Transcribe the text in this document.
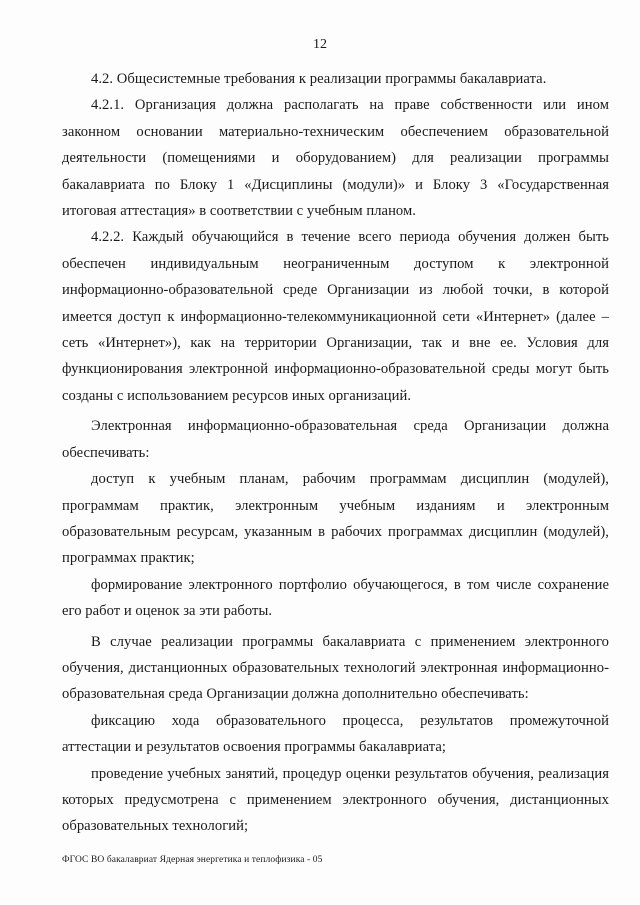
12

4.2. Общесистемные требования к реализации программы бакалавриата.

4.2.1. Организация должна располагать на праве собственности или ином законном основании материально-техническим обеспечением образовательной деятельности (помещениями и оборудованием) для реализации программы бакалавриата по Блоку 1 «Дисциплины (модули)» и Блоку 3 «Государственная итоговая аттестация» в соответствии с учебным планом.

4.2.2. Каждый обучающийся в течение всего периода обучения должен быть обеспечен индивидуальным неограниченным доступом к электронной информационно-образовательной среде Организации из любой точки, в которой имеется доступ к информационно-телекоммуникационной сети «Интернет» (далее – сеть «Интернет»), как на территории Организации, так и вне ее. Условия для функционирования электронной информационно-образовательной среды могут быть созданы с использованием ресурсов иных организаций.

Электронная информационно-образовательная среда Организации должна обеспечивать:

доступ к учебным планам, рабочим программам дисциплин (модулей), программам практик, электронным учебным изданиям и электронным образовательным ресурсам, указанным в рабочих программах дисциплин (модулей), программах практик;

формирование электронного портфолио обучающегося, в том числе сохранение его работ и оценок за эти работы.

В случае реализации программы бакалавриата с применением электронного обучения, дистанционных образовательных технологий электронная информационно-образовательная среда Организации должна дополнительно обеспечивать:

фиксацию хода образовательного процесса, результатов промежуточной аттестации и результатов освоения программы бакалавриата;

проведение учебных занятий, процедур оценки результатов обучения, реализация которых предусмотрена с применением электронного обучения, дистанционных образовательных технологий;

ФГОС ВО бакалавриат Ядерная энергетика и теплофизика - 05
